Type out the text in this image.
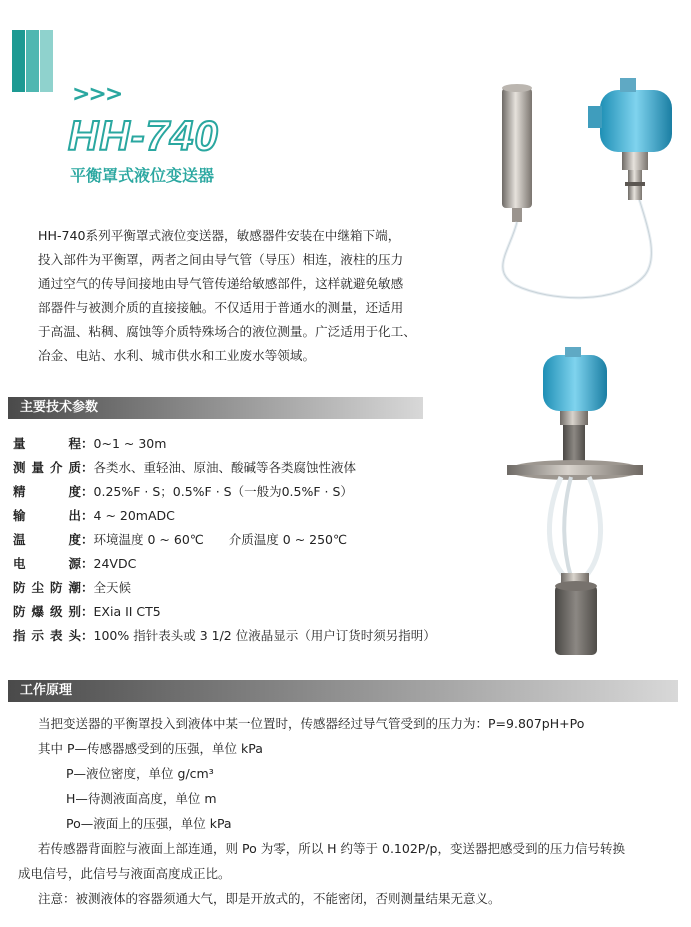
>>>
HH-740
平衡罩式液位变送器

HH-740系列平衡罩式液位变送器，敏感器件安装在中继箱下端，

投入部件为平衡罩，两者之间由导气管（导压）相连，液柱的压力

通过空气的传导间接地由导气管传递给敏感部件，这样就避免敏感

部器件与被测介质的直接接触。不仅适用于普通水的测量，还适用

于高温、粘稠、腐蚀等介质特殊场合的液位测量。广泛适用于化工、

冶金、电站、水利、城市供水和工业废水等领域。

主要技术参数
量程：0~1 ~ 30m
测量介质：各类水、重轻油、原油、酸碱等各类腐蚀性液体
精度：0.25%F · S；0.5%F · S（一般为0.5%F · S）
输出：4 ~ 20mADC
温度：环境温度 0 ~ 60℃　　介质温度 0 ~ 250℃
电源：24VDC
防尘防潮：全天候
防爆级别：EXia II CT5
指示表头：100% 指针表头或 3 1/2 位液晶显示（用户订货时须另指明）
工作原理
当把变送器的平衡罩投入到液体中某一位置时，传感器经过导气管受到的压力为：P=9.807pH+Po
其中 P—传感器感受到的压强，单位 kPa
P—液位密度，单位 g/cm³
H—待测液面高度，单位 m
Po—液面上的压强，单位 kPa
若传感器背面腔与液面上部连通，则 Po 为零，所以 H 约等于 0.102P/p，变送器把感受到的压力信号转换
成电信号，此信号与液面高度成正比。
注意：被测液体的容器须通大气，即是开放式的，不能密闭，否则测量结果无意义。
